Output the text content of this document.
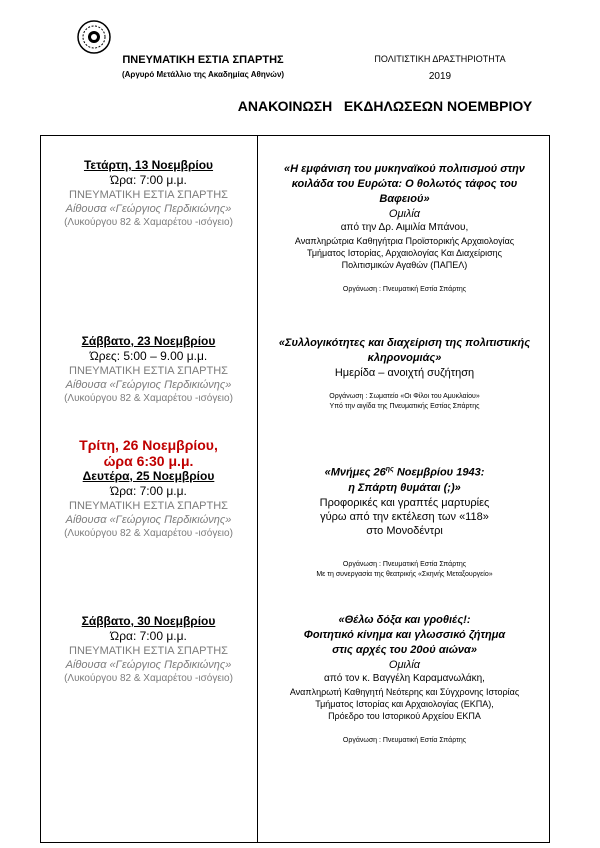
ΠΝΕΥΜΑΤΙΚΗ ΕΣΤΙΑ ΣΠΑΡΤΗΣ
(Αργυρό Μετάλλιο της Ακαδημίας Αθηνών)
ΠΟΛΙΤΙΣΤΙΚΗ ΔΡΑΣΤΗΡΙΟΤΗΤΑ
2019
ΑΝΑΚΟΙΝΩΣΗ   ΕΚΔΗΛΩΣΕΩΝ ΝΟΕΜΒΡΙΟΥ
Τετάρτη, 13 Νοεμβρίου
Ώρα: 7:00 μ.μ.
ΠΝΕΥΜΑΤΙΚΗ ΕΣΤΙΑ ΣΠΑΡΤΗΣ
Αίθουσα «Γεώργιος Περδικιώνης»
(Λυκούργου 82 & Χαμαρέτου -ισόγειο)
«Η εμφάνιση του μυκηναϊκού πολιτισμού στην
κοιλάδα του Ευρώτα: Ο θολωτός τάφος του
Βαφειού»
Ομιλία
από την Δρ. Αιμιλία Μπάνου,
Αναπληρώτρια Καθηγήτρια Προϊστορικής Αρχαιολογίας
Τμήματος Ιστορίας, Αρχαιολογίας Και Διαχείρισης
Πολιτισμικών Αγαθών (ΠΑΠΕΛ)
Οργάνωση : Πνευματική Εστία Σπάρτης
Σάββατο, 23 Νοεμβρίου
Ώρες: 5:00 – 9.00 μ.μ.
ΠΝΕΥΜΑΤΙΚΗ ΕΣΤΙΑ ΣΠΑΡΤΗΣ
Αίθουσα «Γεώργιος Περδικιώνης»
(Λυκούργου 82 & Χαμαρέτου -ισόγειο)
«Συλλογικότητες και διαχείριση της πολιτιστικής
κληρονομιάς»
Ημερίδα – ανοιχτή συζήτηση
Οργάνωση : Σωματείο «Οι Φίλοι του Αμυκλαίου»
Υπό την αιγίδα της Πνευματικής Εστίας Σπάρτης
Τρίτη, 26 Νοεμβρίου,
ώρα 6:30 μ.μ.
Δευτέρα, 25 Νοεμβρίου
Ώρα: 7:00 μ.μ.
ΠΝΕΥΜΑΤΙΚΗ ΕΣΤΙΑ ΣΠΑΡΤΗΣ
Αίθουσα «Γεώργιος Περδικιώνης»
(Λυκούργου 82 & Χαμαρέτου -ισόγειο)
«Μνήμες $26^{\eta\varsigma}$ Νοεμβρίου 1943:
η Σπάρτη θυμάται (;)»
Προφορικές και γραπτές μαρτυρίες
γύρω από την εκτέλεση των «118»
στο Μονοδέντρι
Οργάνωση : Πνευματική Εστία Σπάρτης
Με τη συνεργασία της θεατρικής «Σκηνής Μεταξουργείο»
Σάββατο, 30 Νοεμβρίου
Ώρα: 7:00 μ.μ.
ΠΝΕΥΜΑΤΙΚΗ ΕΣΤΙΑ ΣΠΑΡΤΗΣ
Αίθουσα «Γεώργιος Περδικιώνης»
(Λυκούργου 82 & Χαμαρέτου -ισόγειο)
«Θέλω δόξα και γροθιές!:
Φοιτητικό κίνημα και γλωσσικό ζήτημα
στις αρχές του 20ού αιώνα»
Ομιλία
από τον κ. Βαγγέλη Καραμανωλάκη,
Αναπληρωτή Καθηγητή Νεότερης και Σύγχρονης Ιστορίας
Τμήματος Ιστορίας και Αρχαιολογίας (ΕΚΠΑ),
Πρόεδρο του Ιστορικού Αρχείου ΕΚΠΑ
Οργάνωση : Πνευματική Εστία Σπάρτης
